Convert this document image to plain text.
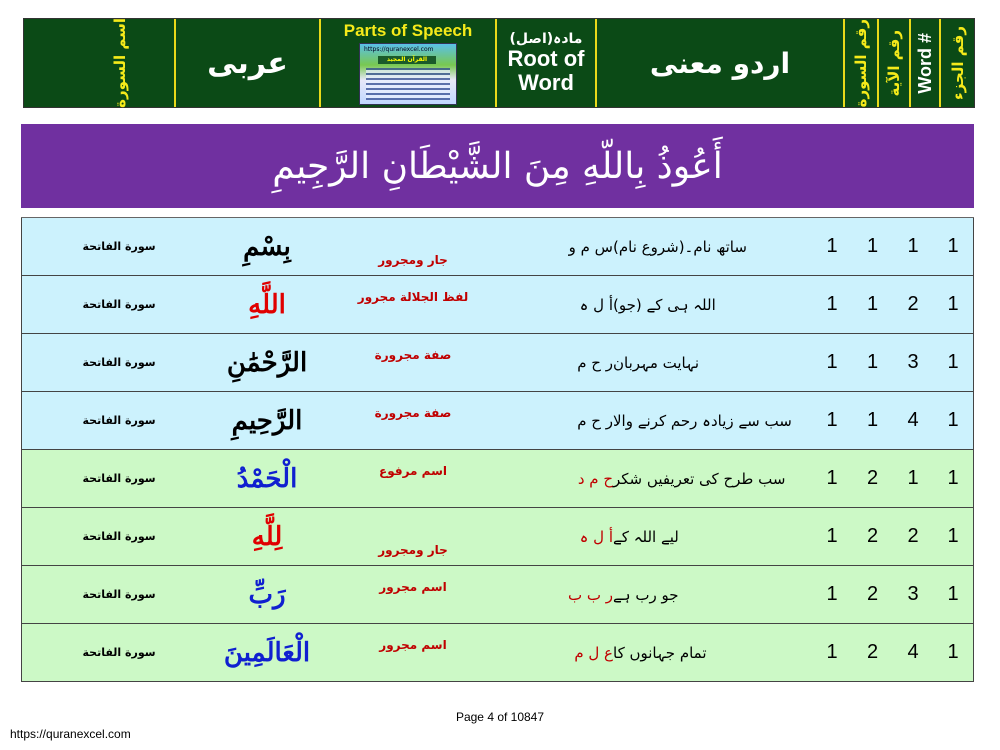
رقم الجزء
Word #
رقم الآية
رقم السورة
اردو معنی
مادہ(اصل)
Root of
Word
Parts of Speech
https://quranexcel.com
القرآن المجید
عربی
اسم السورة
أَعُوذُ بِاللّهِ مِنَ الشَّيْطَانِ الرَّجِيمِ
1
1
1
1
ساتھ نام۔(شروع نام)
س م و
جار ومجرور
بِسْمِ
سورة الفاتحة
1
2
1
1
اللہ ہی کے (جو)
أ ل ہ
لفظ الجلالة مجرور
اللَّهِ
سورة الفاتحة
1
3
1
1
نہایت مہربان
ر ح م
صفة مجرورة
الرَّحْمَٰنِ
سورة الفاتحة
1
4
1
1
سب سے زیادہ رحم کرنے والا
ر ح م
صفة مجرورة
الرَّحِيمِ
سورة الفاتحة
1
1
2
1
سب طرح کی تعریفیں شکر
ح م د
اسم مرفوع
الْحَمْدُ
سورة الفاتحة
1
2
2
1
لیے اللہ کے
أ ل ہ
جار ومجرور
لِلَّهِ
سورة الفاتحة
1
3
2
1
جو رب ہے
ر ب ب
اسم مجرور
رَبِّ
سورة الفاتحة
1
4
2
1
تمام جہانوں کا
ع ل م
اسم مجرور
الْعَالَمِينَ
سورة الفاتحة
Page 4 of 10847
https://quranexcel.com
